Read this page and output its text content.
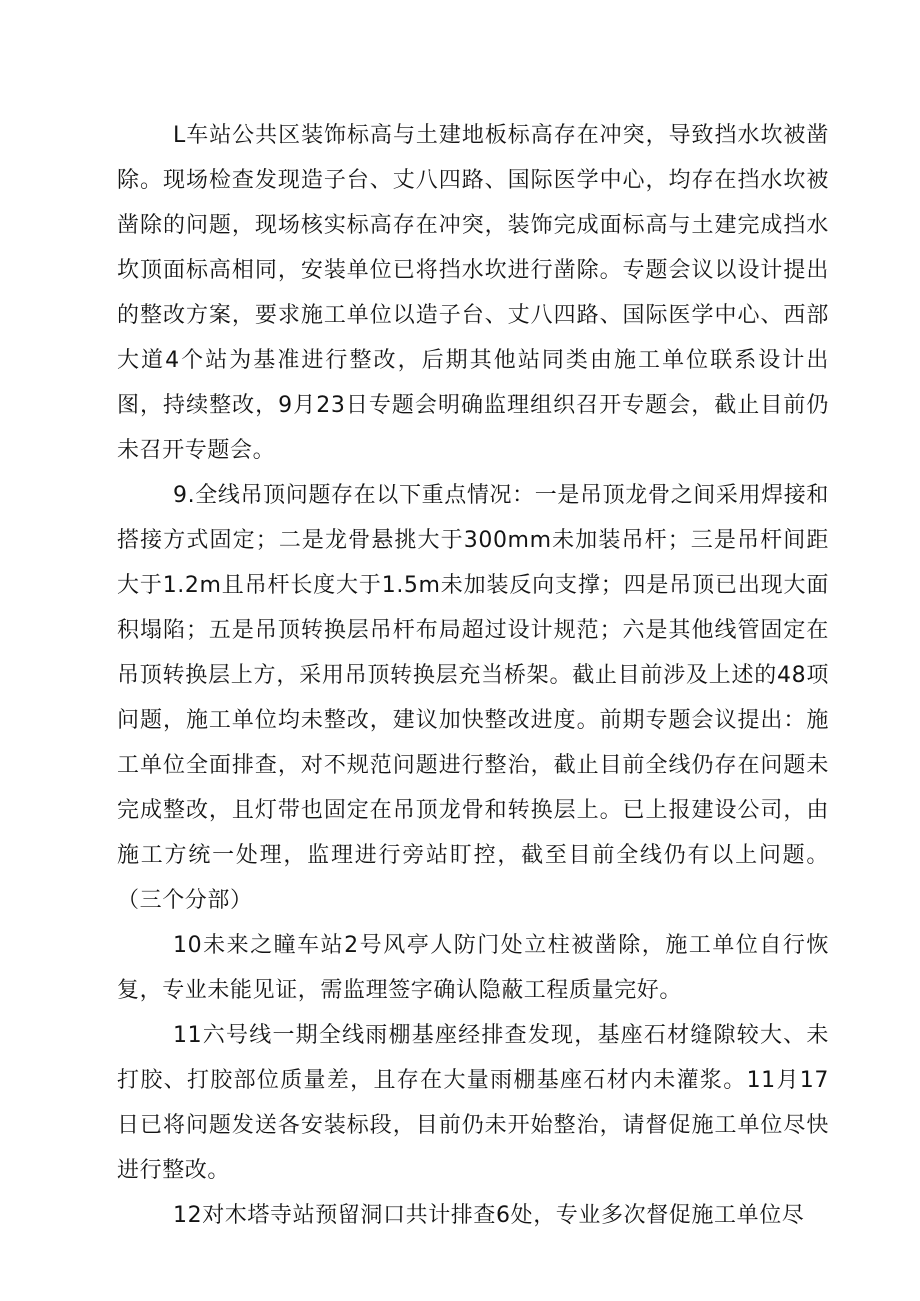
L车站公共区装饰标高与土建地板标高存在冲突，导致挡水坎被凿除。现场检查发现造子台、丈八四路、国际医学中心，均存在挡水坎被凿除的问题，现场核实标高存在冲突，装饰完成面标高与土建完成挡水坎顶面标高相同，安装单位已将挡水坎进行凿除。专题会议以设计提出的整改方案，要求施工单位以造子台、丈八四路、国际医学中心、西部大道4个站为基准进行整改，后期其他站同类由施工单位联系设计出图，持续整改，9月23日专题会明确监理组织召开专题会，截止目前仍未召开专题会。

9.全线吊顶问题存在以下重点情况：一是吊顶龙骨之间采用焊接和搭接方式固定；二是龙骨悬挑大于300mm未加装吊杆；三是吊杆间距大于1.2m且吊杆长度大于1.5m未加装反向支撑；四是吊顶已出现大面积塌陷；五是吊顶转换层吊杆布局超过设计规范；六是其他线管固定在吊顶转换层上方，采用吊顶转换层充当桥架。截止目前涉及上述的48项问题，施工单位均未整改，建议加快整改进度。前期专题会议提出：施工单位全面排查，对不规范问题进行整治，截止目前全线仍存在问题未完成整改，且灯带也固定在吊顶龙骨和转换层上。已上报建设公司，由施工方统一处理，监理进行旁站盯控，截至目前全线仍有以上问题。（三个分部）

10未来之瞳车站2号风亭人防门处立柱被凿除，施工单位自行恢复，专业未能见证，需监理签字确认隐蔽工程质量完好。

11六号线一期全线雨棚基座经排查发现，基座石材缝隙较大、未打胶、打胶部位质量差，且存在大量雨棚基座石材内未灌浆。11月17日已将问题发送各安装标段，目前仍未开始整治，请督促施工单位尽快进行整改。

12对木塔寺站预留洞口共计排查6处，专业多次督促施工单位尽
